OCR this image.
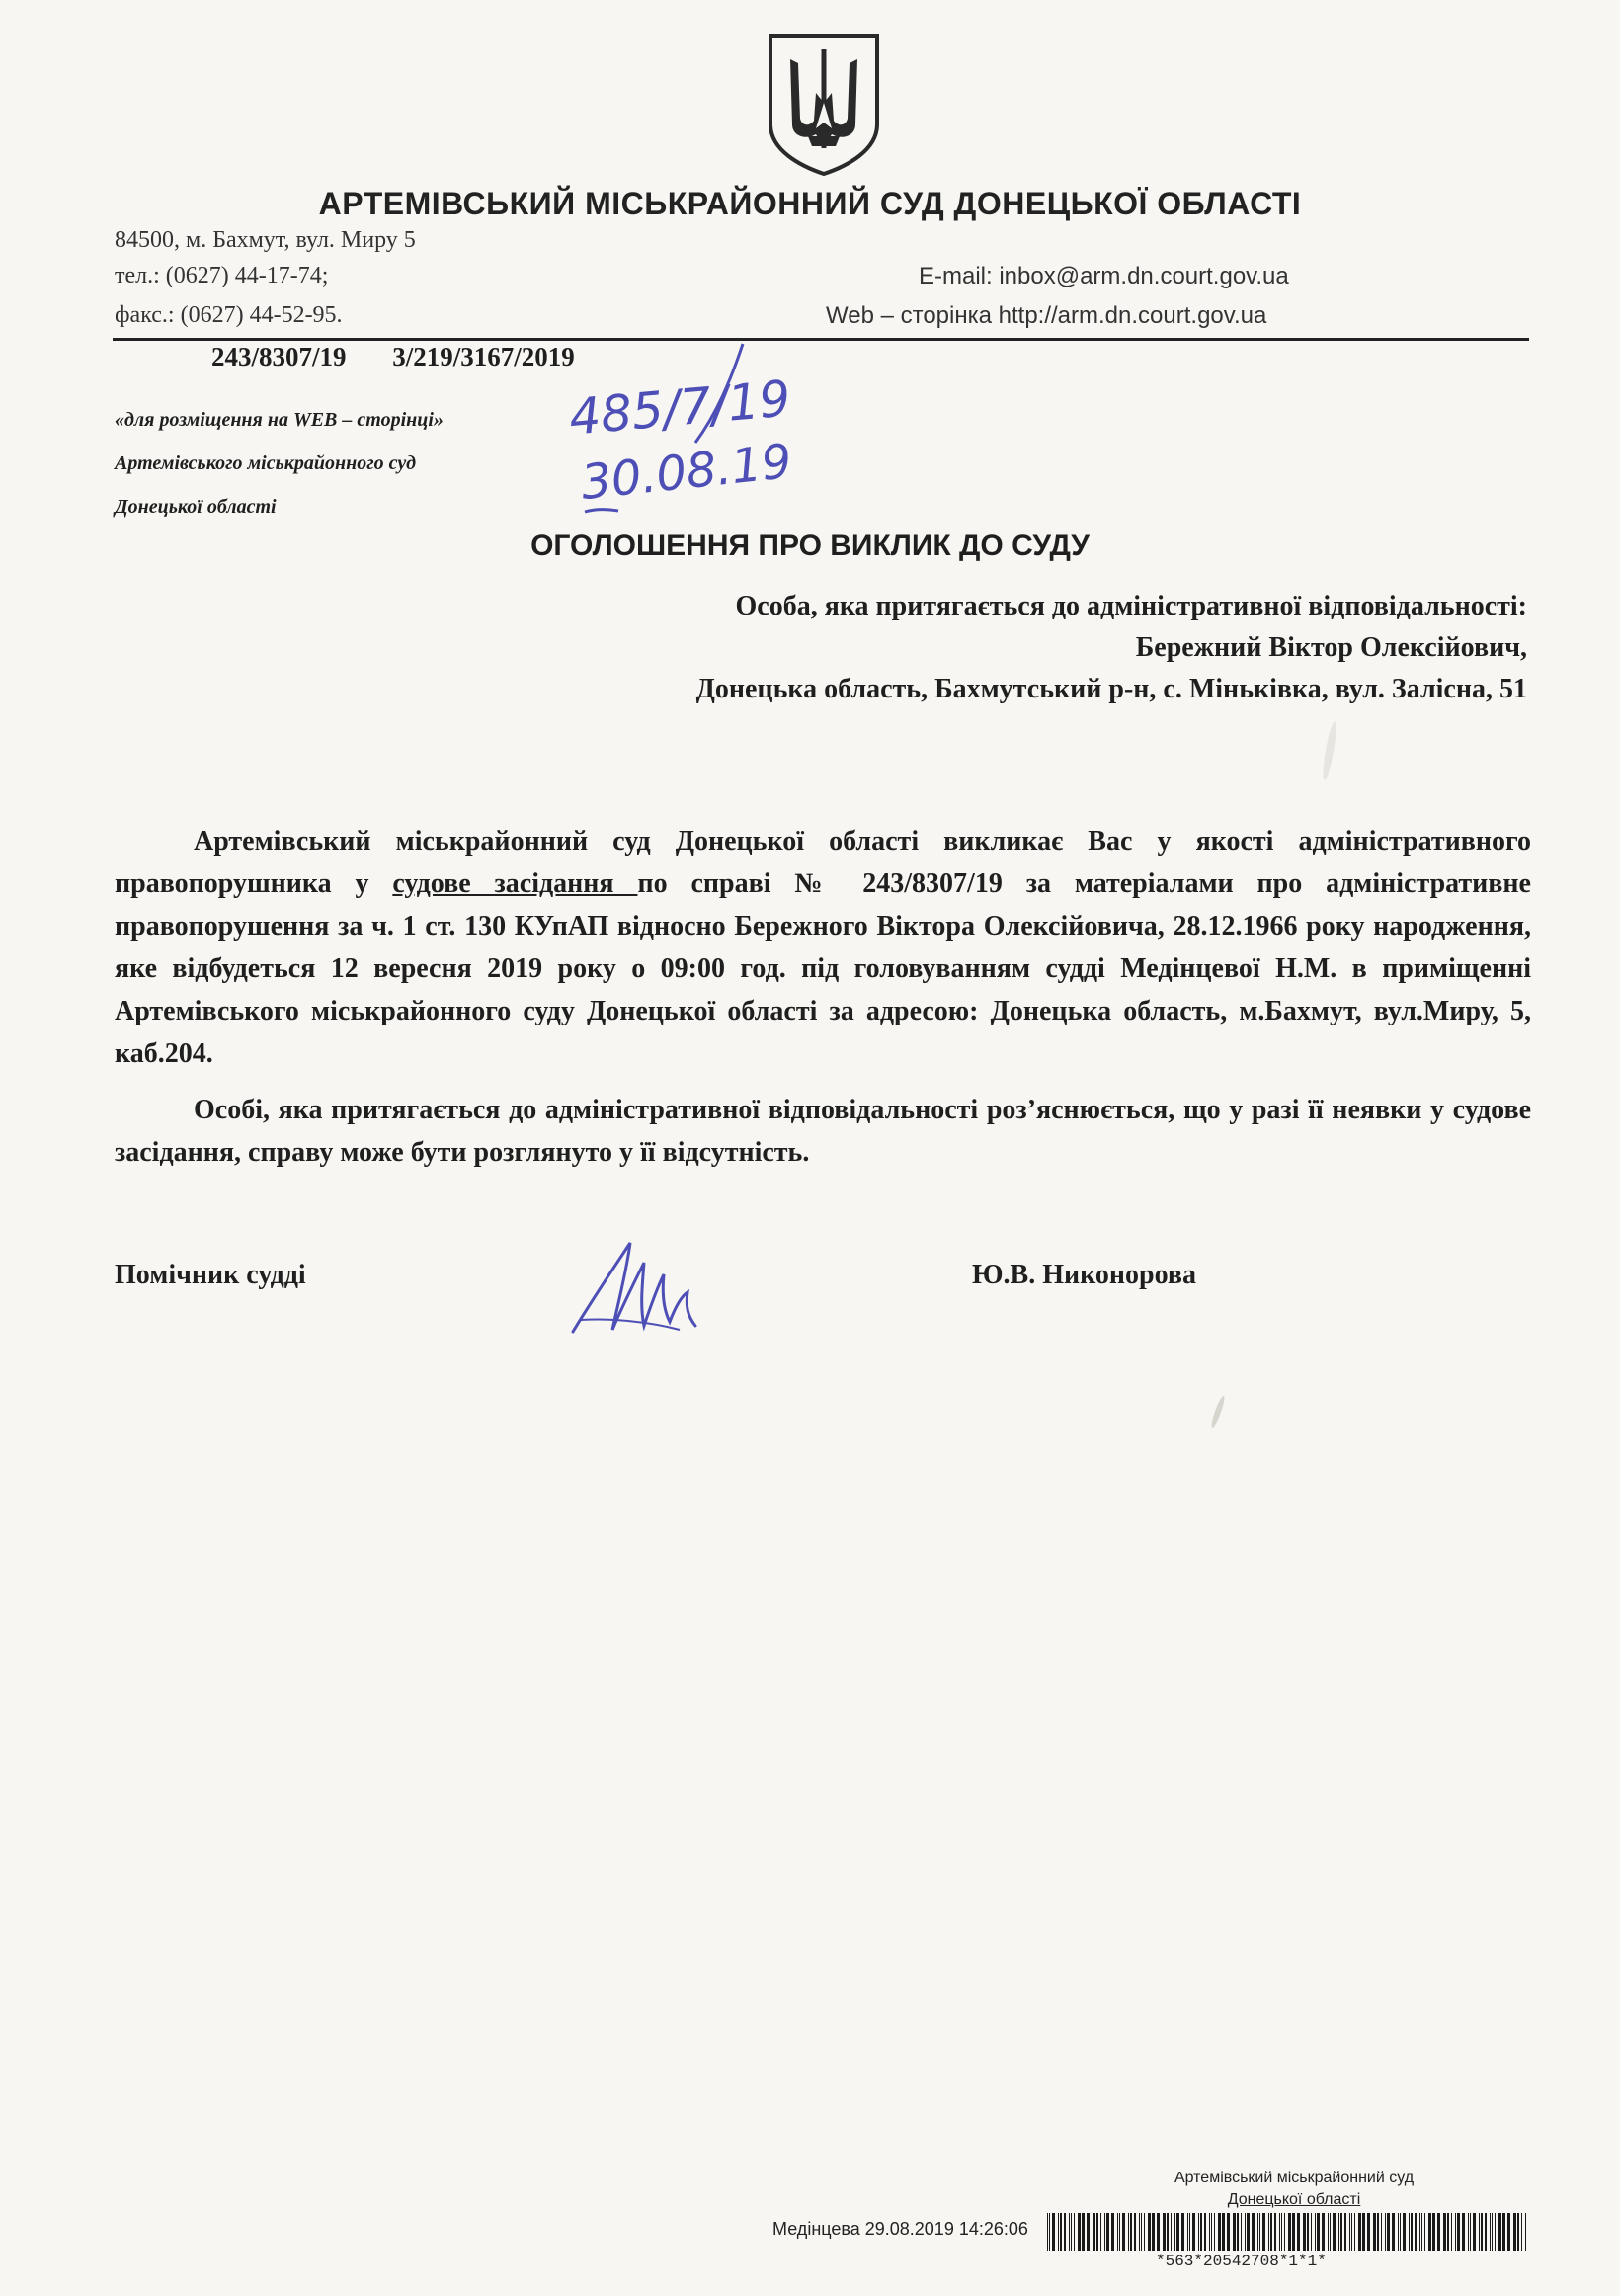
АРТЕМІВСЬКИЙ МІСЬКРАЙОННИЙ СУД ДОНЕЦЬКОЇ ОБЛАСТІ
84500, м. Бахмут, вул. Миру 5
тел.: (0627) 44-17-74;
факс.: (0627) 44-52-95.
E-mail: inbox@arm.dn.court.gov.ua
Web – сторінка http://arm.dn.court.gov.ua
243/8307/19 3/219/3167/2019
«для розміщення на WEB – сторінці»
Артемівського міськрайонного суд
Донецької області
485/7/19
30.08.19
ОГОЛОШЕННЯ ПРО ВИКЛИК ДО СУДУ
Особа, яка притягається до адміністративної відповідальності:
Бережний Віктор Олексійович,
Донецька область, Бахмутський р-н, с. Міньківка, вул. Залісна, 51

Артемівський міськрайонний суд Донецької області викликає Вас у якості адміністративного правопорушника у судове засідання по справі № 243/8307/19 за матеріалами про адміністративне правопорушення за ч. 1 ст. 130 КУпАП відносно Бережного Віктора Олексійовича, 28.12.1966 року народження, яке відбудеться 12 вересня 2019 року о 09:00 год. під головуванням судді Медінцевої Н.М. в приміщенні Артемівського міськрайонного суду Донецької області за адресою: Донецька область, м.Бахмут, вул.Миру, 5, каб.204.

Особі, яка притягається до адміністративної відповідальності роз’яснюється, що у разі її неявки у судове засідання, справу може бути розглянуто у її відсутність.

Помічник судді	Ю.В. Никонорова
Артемівський міськрайонний суд
Донецької області
Медінцева 29.08.2019 14:26:06
*563*20542708*1*1*
